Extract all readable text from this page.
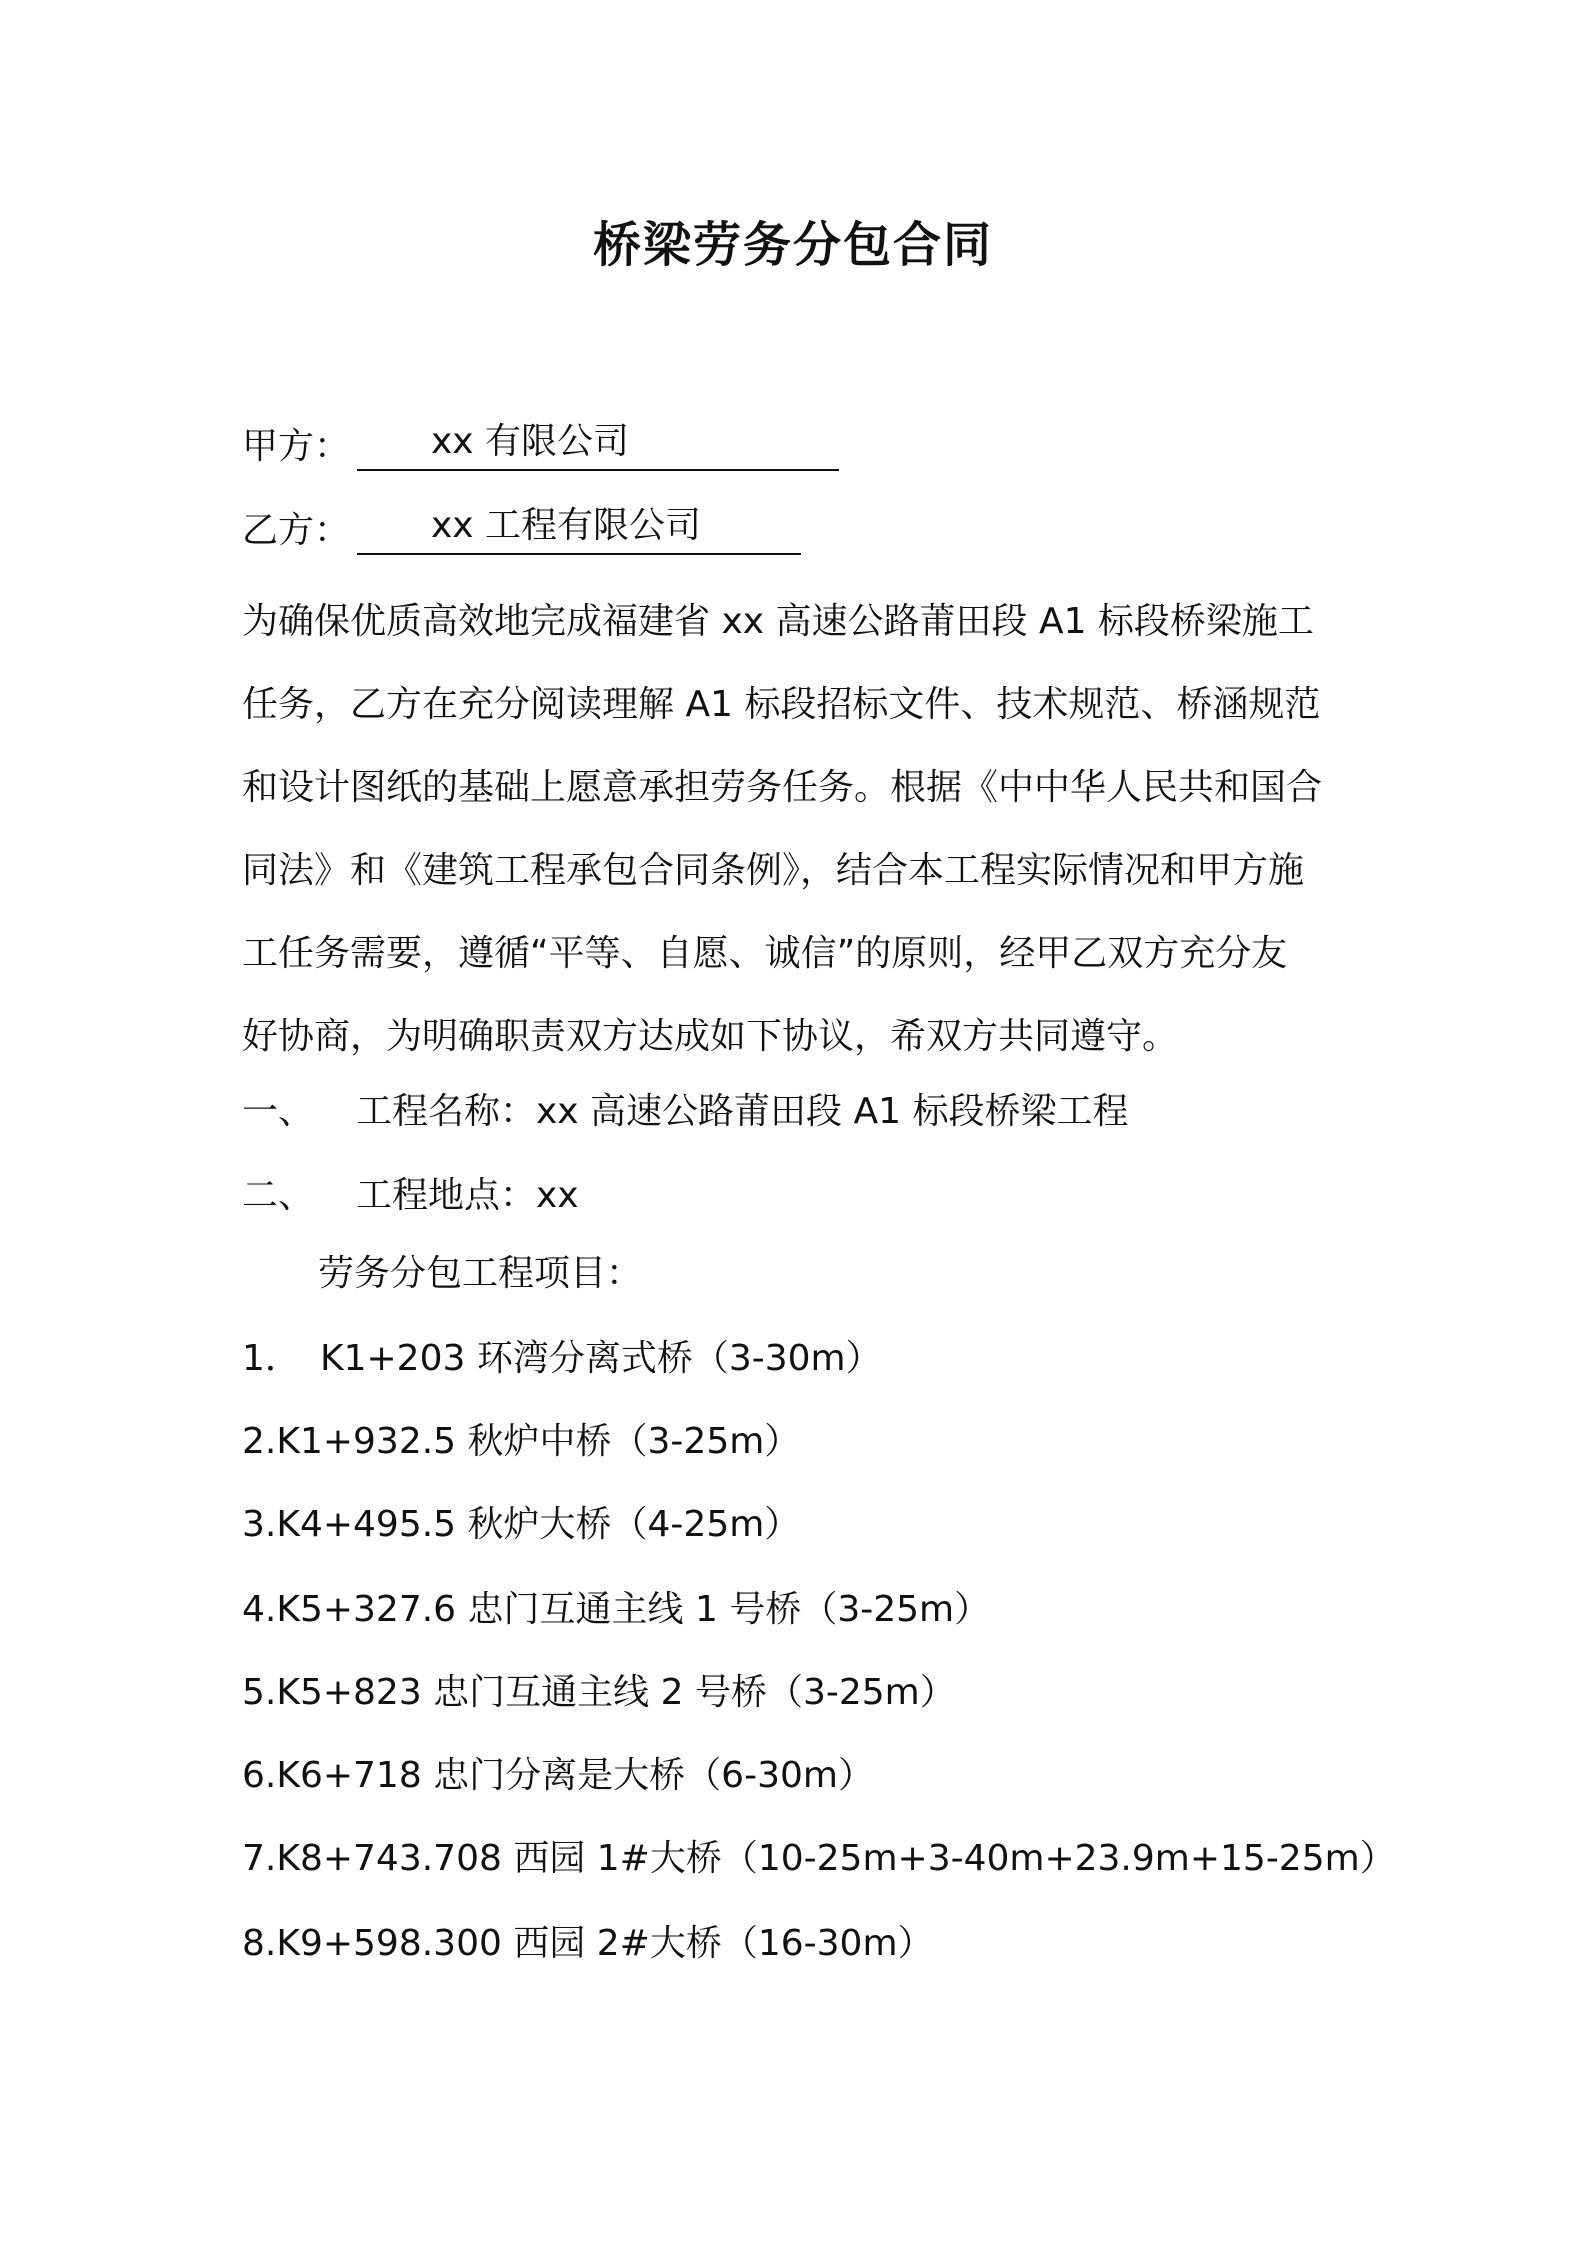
桥梁劳务分包合同
甲方：	xx 有限公司
乙方：	xx 工程有限公司
为确保优质高效地完成福建省 xx 高速公路莆田段 A1 标段桥梁施工
任务，乙方在充分阅读理解 A1 标段招标文件、技术规范、桥涵规范
和设计图纸的基础上愿意承担劳务任务。根据《中中华人民共和国合
同法》和《建筑工程承包合同条例》，结合本工程实际情况和甲方施
工任务需要，遵循“平等、自愿、诚信”的原则，经甲乙双方充分友
好协商，为明确职责双方达成如下协议，希双方共同遵守。
一、	工程名称：xx 高速公路莆田段 A1 标段桥梁工程
二、	工程地点：xx
劳务分包工程项目：
1． K1+203 环湾分离式桥（3-30m）
2.K1+932.5 秋炉中桥（3-25m）
3.K4+495.5 秋炉大桥（4-25m）
4.K5+327.6 忠门互通主线 1 号桥（3-25m）
5.K5+823 忠门互通主线 2 号桥（3-25m）
6.K6+718 忠门分离是大桥（6-30m）
7.K8+743.708 西园 1#大桥（10-25m+3-40m+23.9m+15-25m）
8.K9+598.300 西园 2#大桥（16-30m）
